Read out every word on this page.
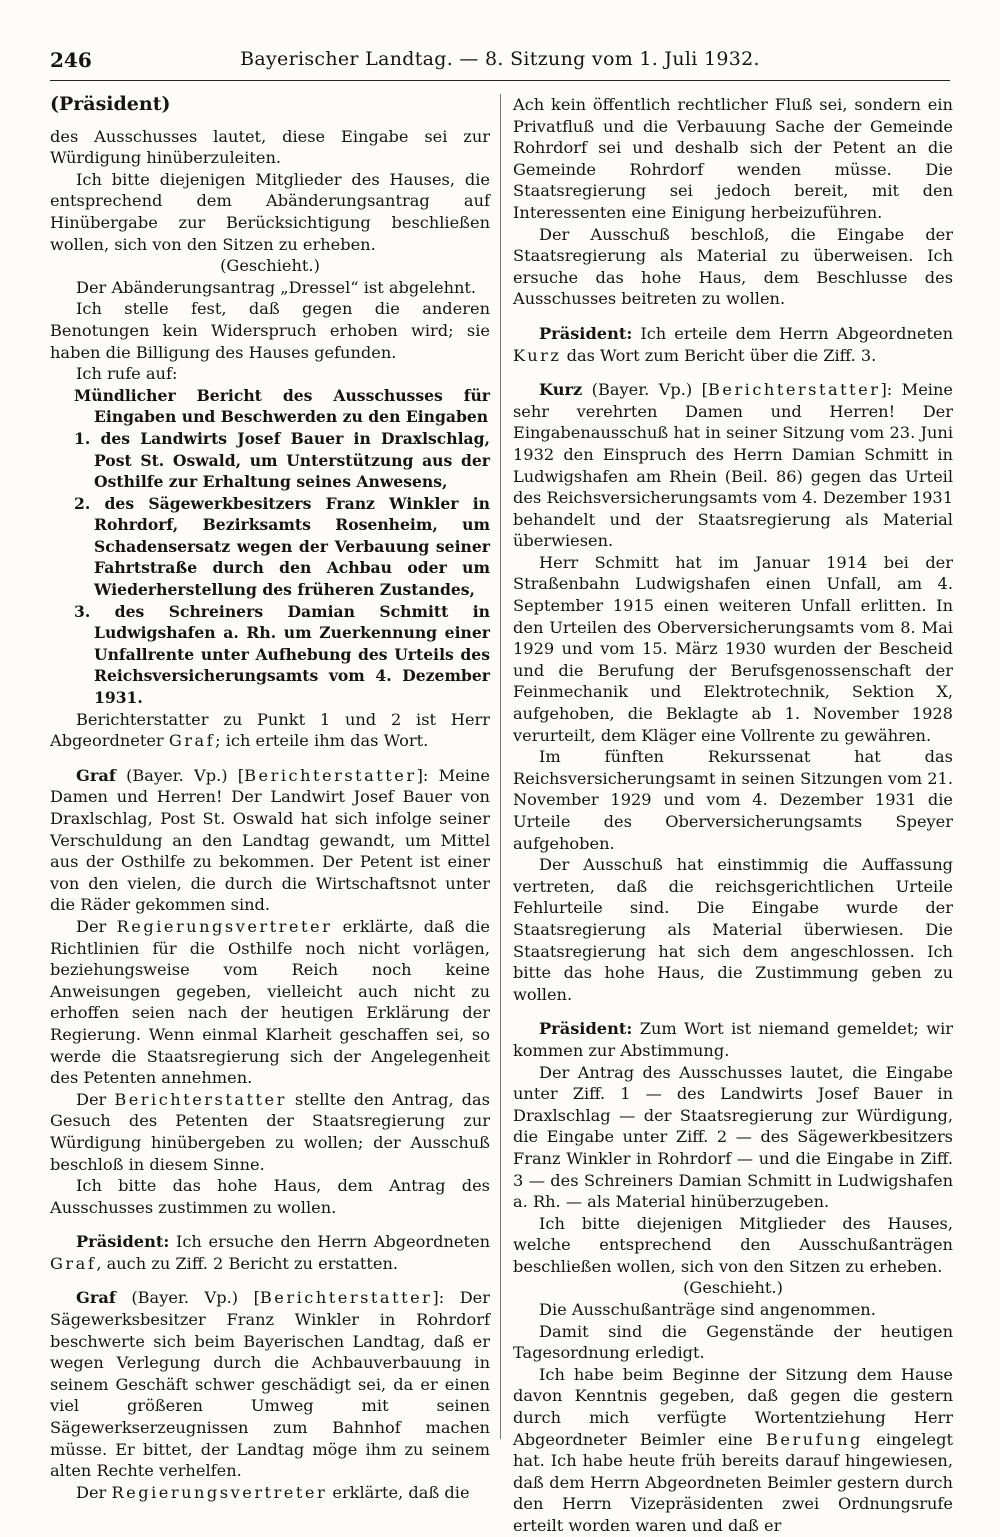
246	Bayerischer Landtag. — 8. Sitzung vom 1. Juli 1932.
(Präsident)

des Ausschusses lautet, diese Eingabe sei zur Würdigung hinüberzuleiten.

Ich bitte diejenigen Mitglieder des Hauses, die entsprechend dem Abänderungsantrag auf Hinübergabe zur Berücksichtigung beschließen wollen, sich von den Sitzen zu erheben.

(Geschieht.)

Der Abänderungsantrag „Dressel“ ist abgelehnt.

Ich stelle fest, daß gegen die anderen Benotungen kein Widerspruch erhoben wird; sie haben die Billigung des Hauses gefunden.

Ich rufe auf:

Mündlicher Bericht des Ausschusses für Eingaben und Beschwerden zu den Eingaben

1. des Landwirts Josef Bauer in Draxlschlag, Post St. Oswald, um Unterstützung aus der Osthilfe zur Erhaltung seines Anwesens,

2. des Sägewerkbesitzers Franz Winkler in Rohrdorf, Bezirksamts Rosenheim, um Schadensersatz wegen der Verbauung seiner Fahrtstraße durch den Achbau oder um Wiederherstellung des früheren Zustandes,

3. des Schreiners Damian Schmitt in Ludwigshafen a. Rh. um Zuerkennung einer Unfallrente unter Aufhebung des Urteils des Reichsversicherungsamts vom 4. Dezember 1931.

Berichterstatter zu Punkt 1 und 2 ist Herr Abgeordneter Graf; ich erteile ihm das Wort.

Graf (Bayer. Vp.) [Berichterstatter]: Meine Damen und Herren! Der Landwirt Josef Bauer von Draxlschlag, Post St. Oswald hat sich infolge seiner Verschuldung an den Landtag gewandt, um Mittel aus der Osthilfe zu bekommen. Der Petent ist einer von den vielen, die durch die Wirtschaftsnot unter die Räder gekommen sind.

Der Regierungsvertreter erklärte, daß die Richtlinien für die Osthilfe noch nicht vorlägen, beziehungsweise vom Reich noch keine Anweisungen gegeben, vielleicht auch nicht zu erhoffen seien nach der heutigen Erklärung der Regierung. Wenn einmal Klarheit geschaffen sei, so werde die Staatsregierung sich der Angelegenheit des Petenten annehmen.

Der Berichterstatter stellte den Antrag, das Gesuch des Petenten der Staatsregierung zur Würdigung hinübergeben zu wollen; der Ausschuß beschloß in diesem Sinne.

Ich bitte das hohe Haus, dem Antrag des Ausschusses zustimmen zu wollen.

Präsident: Ich ersuche den Herrn Abgeordneten Graf, auch zu Ziff. 2 Bericht zu erstatten.

Graf (Bayer. Vp.) [Berichterstatter]: Der Sägewerksbesitzer Franz Winkler in Rohrdorf beschwerte sich beim Bayerischen Landtag, daß er wegen Verlegung durch die Achbauverbauung in seinem Geschäft schwer geschädigt sei, da er einen viel größeren Umweg mit seinen Sägewerkserzeugnissen zum Bahnhof machen müsse. Er bittet, der Landtag möge ihm zu seinem alten Rechte verhelfen.

Der Regierungsvertreter erklärte, daß die

Ach kein öffentlich rechtlicher Fluß sei, sondern ein Privatfluß und die Verbauung Sache der Gemeinde Rohrdorf sei und deshalb sich der Petent an die Gemeinde Rohrdorf wenden müsse. Die Staatsregierung sei jedoch bereit, mit den Interessenten eine Einigung herbeizuführen.

Der Ausschuß beschloß, die Eingabe der Staatsregierung als Material zu überweisen. Ich ersuche das hohe Haus, dem Beschlusse des Ausschusses beitreten zu wollen.

Präsident: Ich erteile dem Herrn Abgeordneten Kurz das Wort zum Bericht über die Ziff. 3.

Kurz (Bayer. Vp.) [Berichterstatter]: Meine sehr verehrten Damen und Herren! Der Eingabenausschuß hat in seiner Sitzung vom 23. Juni 1932 den Einspruch des Herrn Damian Schmitt in Ludwigshafen am Rhein (Beil. 86) gegen das Urteil des Reichsversicherungsamts vom 4. Dezember 1931 behandelt und der Staatsregierung als Material überwiesen.

Herr Schmitt hat im Januar 1914 bei der Straßenbahn Ludwigshafen einen Unfall, am 4. September 1915 einen weiteren Unfall erlitten. In den Urteilen des Oberversicherungsamts vom 8. Mai 1929 und vom 15. März 1930 wurden der Bescheid und die Berufung der Berufsgenossenschaft der Feinmechanik und Elektrotechnik, Sektion X, aufgehoben, die Beklagte ab 1. November 1928 verurteilt, dem Kläger eine Vollrente zu gewähren.

Im fünften Rekurssenat hat das Reichsversicherungsamt in seinen Sitzungen vom 21. November 1929 und vom 4. Dezember 1931 die Urteile des Oberversicherungsamts Speyer aufgehoben.

Der Ausschuß hat einstimmig die Auffassung vertreten, daß die reichsgerichtlichen Urteile Fehlurteile sind. Die Eingabe wurde der Staatsregierung als Material überwiesen. Die Staatsregierung hat sich dem angeschlossen. Ich bitte das hohe Haus, die Zustimmung geben zu wollen.

Präsident: Zum Wort ist niemand gemeldet; wir kommen zur Abstimmung.

Der Antrag des Ausschusses lautet, die Eingabe unter Ziff. 1 — des Landwirts Josef Bauer in Draxlschlag — der Staatsregierung zur Würdigung, die Eingabe unter Ziff. 2 — des Sägewerkbesitzers Franz Winkler in Rohrdorf — und die Eingabe in Ziff. 3 — des Schreiners Damian Schmitt in Ludwigshafen a. Rh. — als Material hinüberzugeben.

Ich bitte diejenigen Mitglieder des Hauses, welche entsprechend den Ausschußanträgen beschließen wollen, sich von den Sitzen zu erheben.

(Geschieht.)

Die Ausschußanträge sind angenommen.

Damit sind die Gegenstände der heutigen Tagesordnung erledigt.

Ich habe beim Beginne der Sitzung dem Hause davon Kenntnis gegeben, daß gegen die gestern durch mich verfügte Wortentziehung Herr Abgeordneter Beimler eine Berufung eingelegt hat. Ich habe heute früh bereits darauf hingewiesen, daß dem Herrn Abgeordneten Beimler gestern durch den Herrn Vizepräsidenten zwei Ordnungsrufe erteilt worden waren und daß er
